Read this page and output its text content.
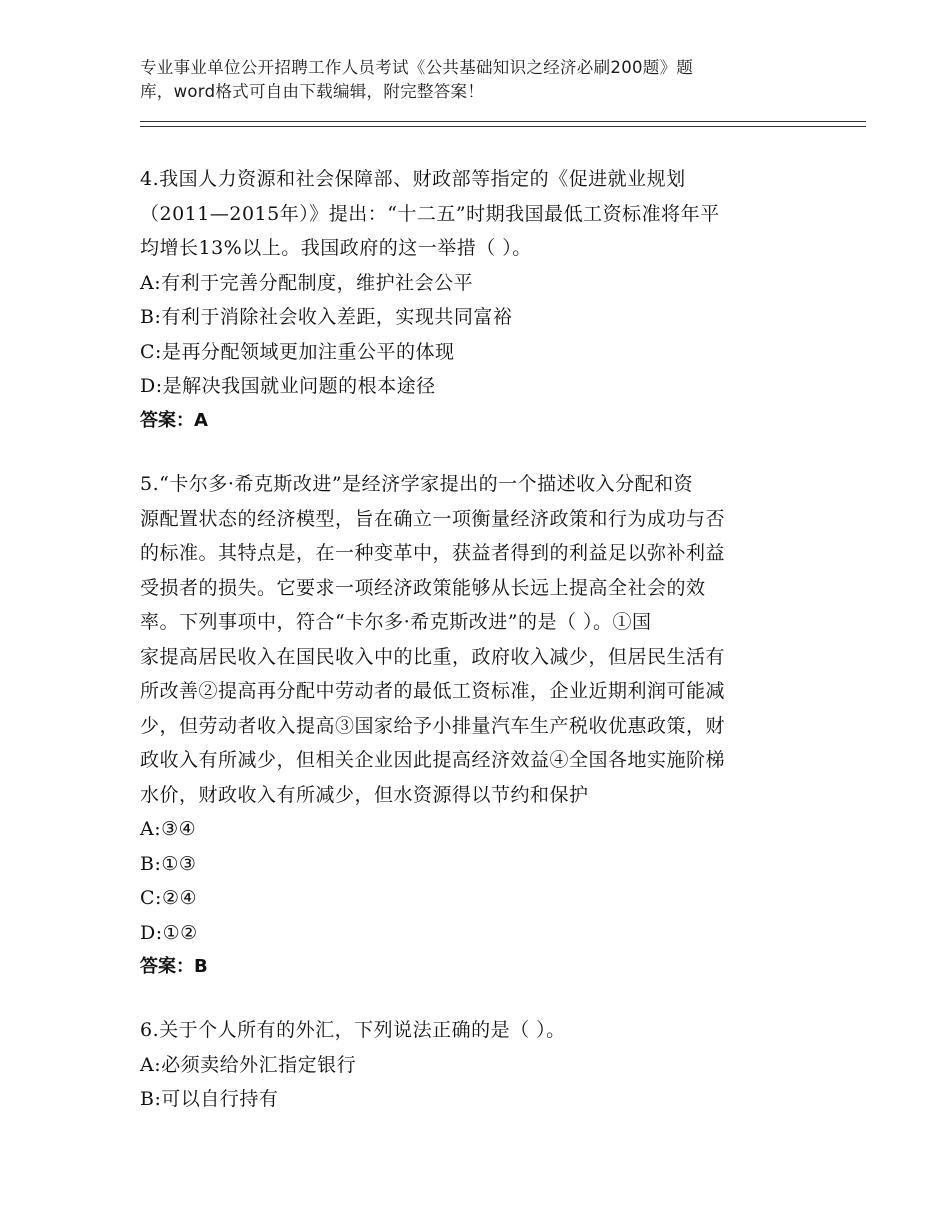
专业事业单位公开招聘工作人员考试《公共基础知识之经济必刷200题》题
库，word格式可自由下载编辑，附完整答案！

4.我国人力资源和社会保障部、财政部等指定的《促进就业规划

（2011—2015年）》提出：“十二五”时期我国最低工资标准将年平

均增长13%以上。我国政府的这一举措（ ）。

A:有利于完善分配制度，维护社会公平

B:有利于消除社会收入差距，实现共同富裕

C:是再分配领域更加注重公平的体现

D:是解决我国就业问题的根本途径

答案：A

5.“卡尔多·希克斯改进”是经济学家提出的一个描述收入分配和资

源配置状态的经济模型，旨在确立一项衡量经济政策和行为成功与否

的标准。其特点是，在一种变革中，获益者得到的利益足以弥补利益

受损者的损失。它要求一项经济政策能够从长远上提高全社会的效

率。下列事项中，符合“卡尔多·希克斯改进”的是（ ）。①国

家提高居民收入在国民收入中的比重，政府收入减少，但居民生活有

所改善②提高再分配中劳动者的最低工资标准，企业近期利润可能减

少，但劳动者收入提高③国家给予小排量汽车生产税收优惠政策，财

政收入有所减少，但相关企业因此提高经济效益④全国各地实施阶梯

水价，财政收入有所减少，但水资源得以节约和保护

A:③④

B:①③

C:②④

D:①②

答案：B

6.关于个人所有的外汇，下列说法正确的是（ ）。

A:必须卖给外汇指定银行

B:可以自行持有
